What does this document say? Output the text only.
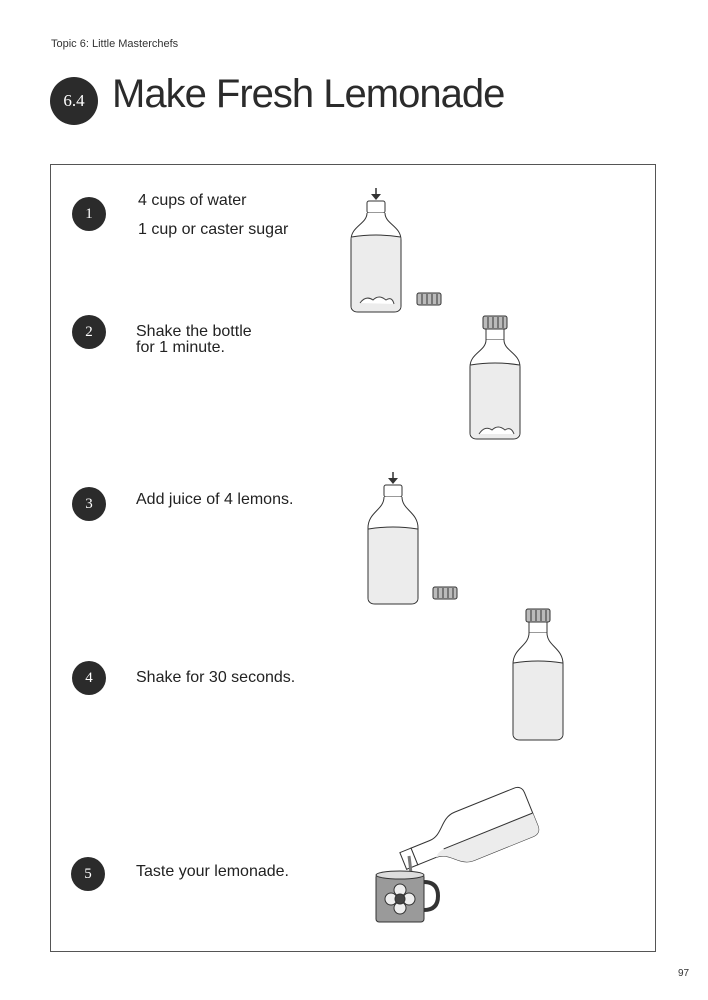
Topic 6: Little Masterchefs
6.4 Make Fresh Lemonade
1
4 cups of water
1 cup or caster sugar
2	Shake the bottle
for 1 minute.
3	Add juice of 4 lemons.
4	Shake for 30 seconds.
5	Taste your lemonade.
97
